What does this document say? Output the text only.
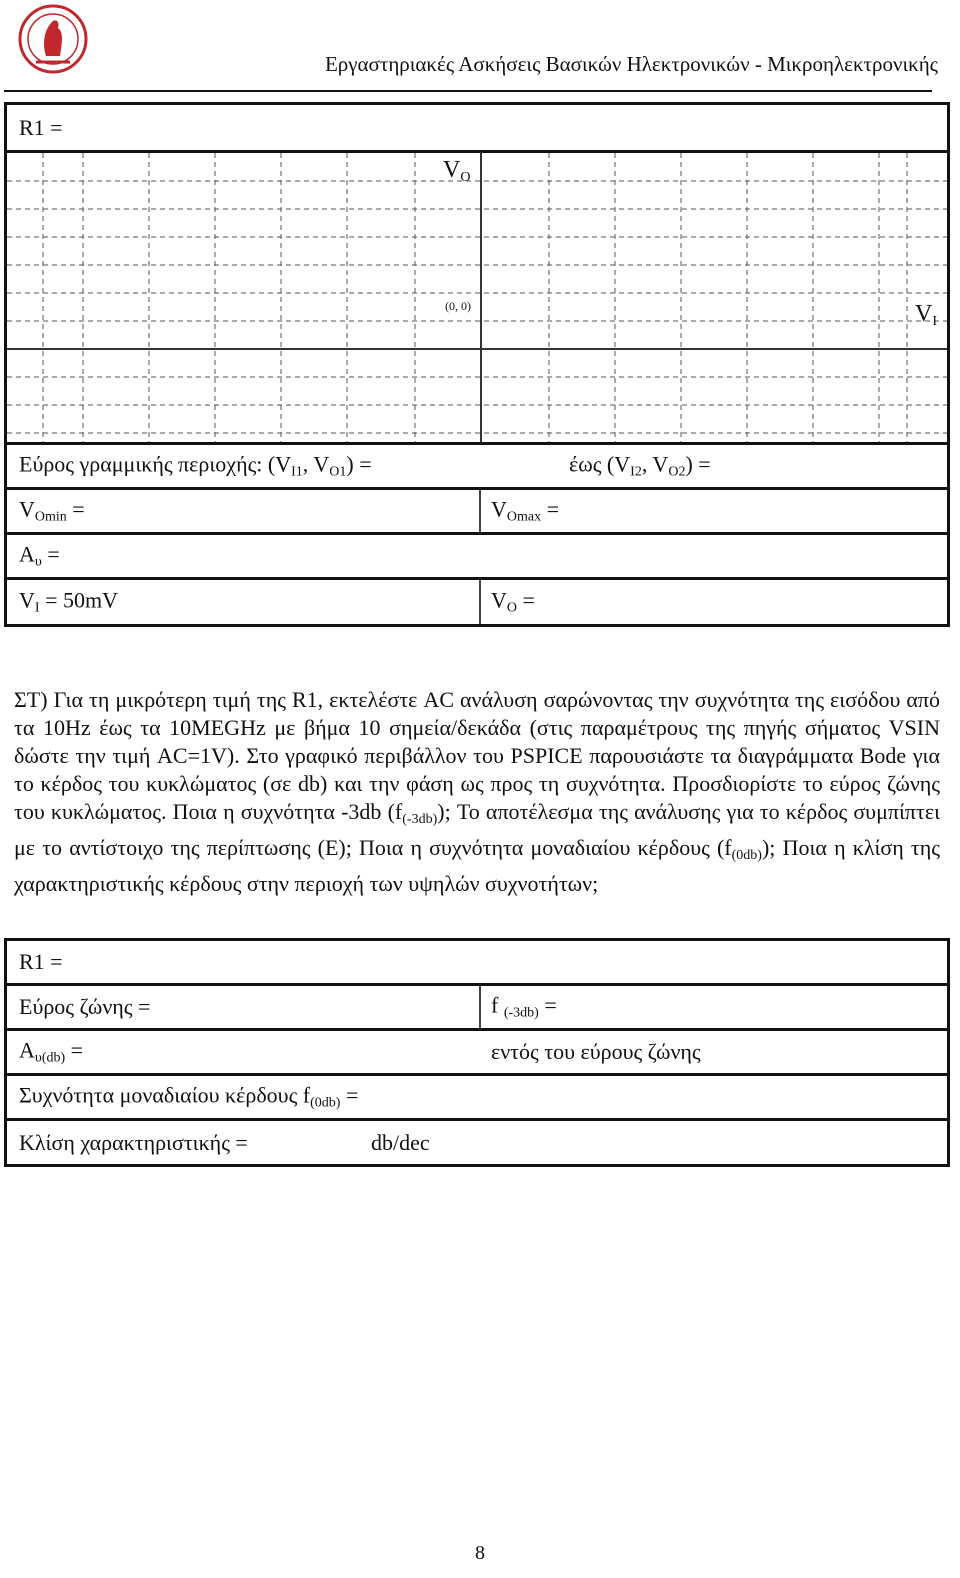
Εργαστηριακές Ασκήσεις Βασικών Ηλεκτρονικών - Μικροηλεκτρονικής
R1 =
$V_O$
$V_I$
(0, 0)
Εύρος γραμμικής περιοχής: ($V_{I1}$, $V_{O1}$) =	έως ($V_{I2}$, $V_{O2}$) =
$V_{Omin}$ =	$V_{Omax}$ =
$A_\upsilon$ =
$V_I = 50mV$	$V_O$ =
ΣΤ) Για τη μικρότερη τιμή της R1, εκτελέστε AC ανάλυση σαρώνοντας την συχνότητα της εισόδου από τα 10Hz έως τα 10MEGHz με βήμα 10 σημεία/δεκάδα (στις παραμέτρους της πηγής σήματος VSIN δώστε την τιμή AC=1V). Στο γραφικό περιβάλλον του PSPICE παρουσιάστε τα διαγράμματα Bode για το κέρδος του κυκλώματος (σε db) και την φάση ως προς τη συχνότητα. Προσδιορίστε το εύρος ζώνης του κυκλώματος. Ποια η συχνότητα -3db $(f_{(-3db)})$; Το αποτέλεσμα της ανάλυσης για το κέρδος συμπίπτει με το αντίστοιχο της περίπτωσης (Ε); Ποια η συχνότητα μοναδιαίου κέρδους $(f_{(0db)})$; Ποια η κλίση της χαρακτηριστικής κέρδους στην περιοχή των υψηλών συχνοτήτων;
R1 =
Εύρος ζώνης =	f $_{(-3db)}$ =
$A_{\upsilon(db)}$ =	εντός του εύρους ζώνης
Συχνότητα μοναδιαίου κέρδους $f_{(0db)}$ =
Κλίση χαρακτηριστικής =	db/dec
8
